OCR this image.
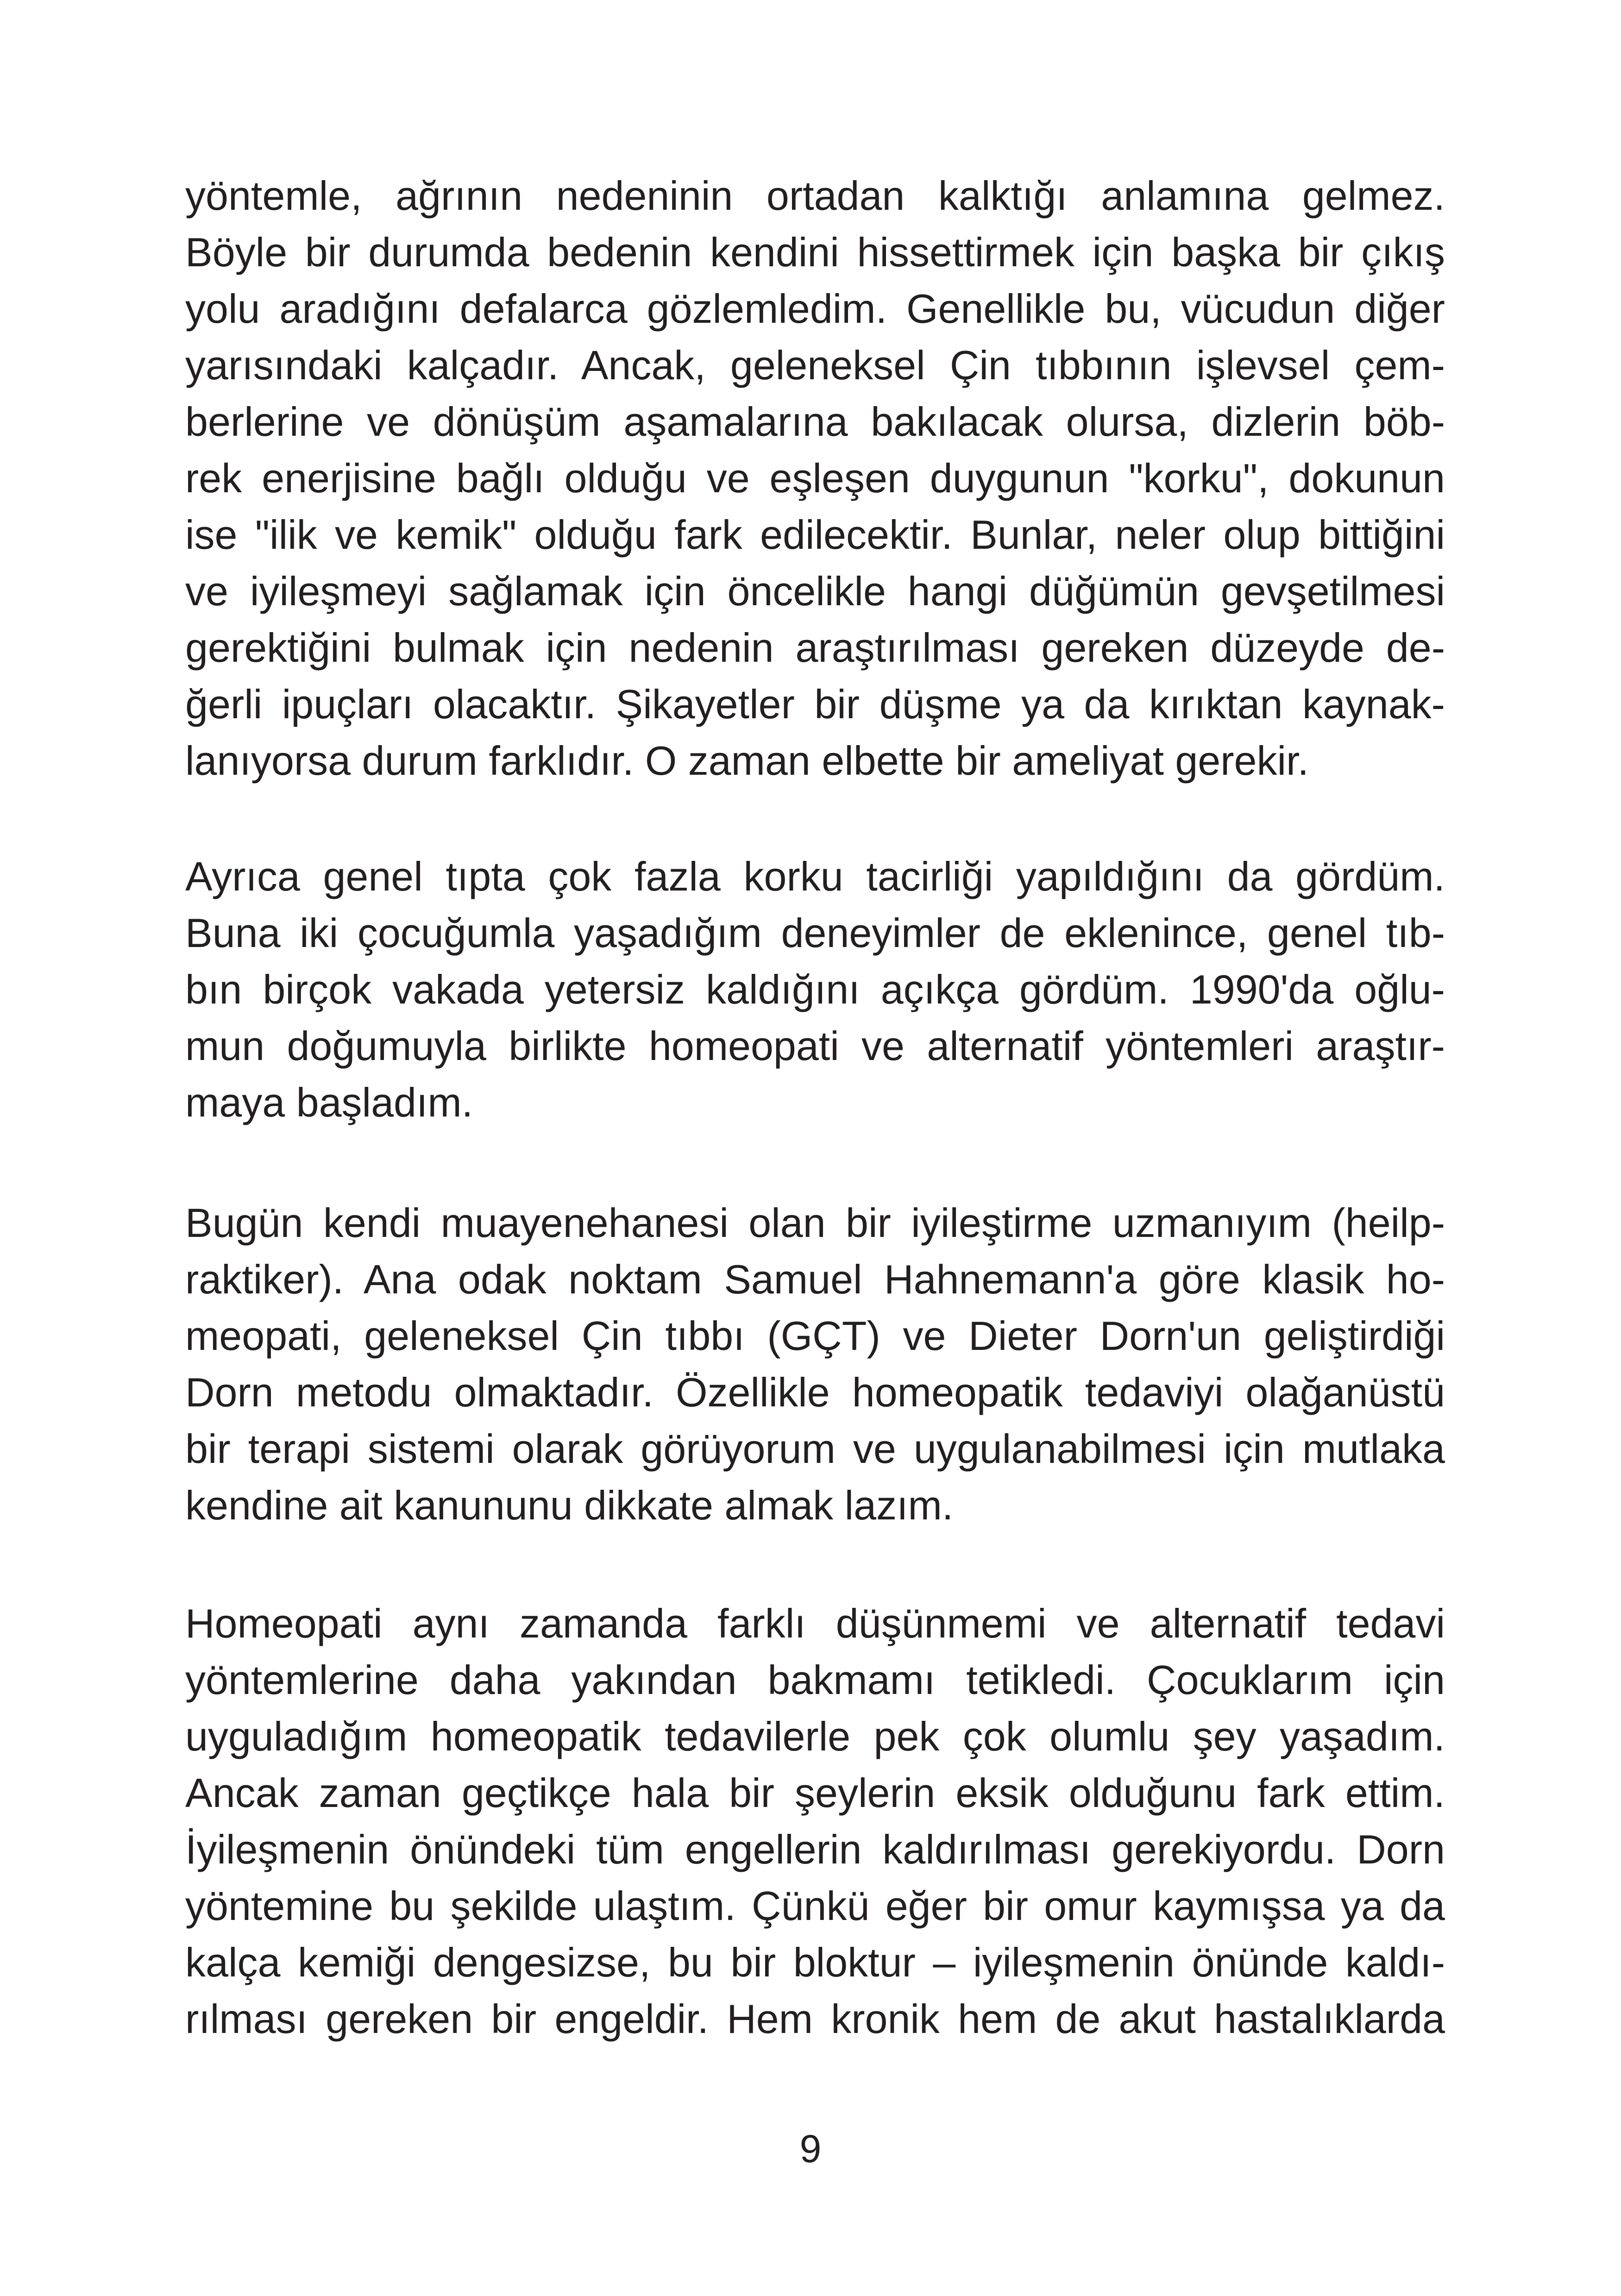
yöntemle, ağrının nedeninin ortadan kalktığı anlamına gelmez.
Böyle bir durumda bedenin kendini hissettirmek için başka bir çıkış
yolu aradığını defalarca gözlemledim. Genellikle bu, vücudun diğer
yarısındaki kalçadır. Ancak, geleneksel Çin tıbbının işlevsel çem-
berlerine ve dönüşüm aşamalarına bakılacak olursa, dizlerin böb-
rek enerjisine bağlı olduğu ve eşleşen duygunun "korku", dokunun
ise "ilik ve kemik" olduğu fark edilecektir. Bunlar, neler olup bittiğini
ve iyileşmeyi sağlamak için öncelikle hangi düğümün gevşetilmesi
gerektiğini bulmak için nedenin araştırılması gereken düzeyde de-
ğerli ipuçları olacaktır. Şikayetler bir düşme ya da kırıktan kaynak-
lanıyorsa durum farklıdır. O zaman elbette bir ameliyat gerekir.
Ayrıca genel tıpta çok fazla korku tacirliği yapıldığını da gördüm.
Buna iki çocuğumla yaşadığım deneyimler de eklenince, genel tıb-
bın birçok vakada yetersiz kaldığını açıkça gördüm. 1990'da oğlu-
mun doğumuyla birlikte homeopati ve alternatif yöntemleri araştır-
maya başladım.
Bugün kendi muayenehanesi olan bir iyileştirme uzmanıyım (heilp-
raktiker). Ana odak noktam Samuel Hahnemann'a göre klasik ho-
meopati, geleneksel Çin tıbbı (GÇT) ve Dieter Dorn'un geliştirdiği
Dorn metodu olmaktadır. Özellikle homeopatik tedaviyi olağanüstü
bir terapi sistemi olarak görüyorum ve uygulanabilmesi için mutlaka
kendine ait kanununu dikkate almak lazım.
Homeopati aynı zamanda farklı düşünmemi ve alternatif tedavi
yöntemlerine daha yakından bakmamı tetikledi. Çocuklarım için
uyguladığım homeopatik tedavilerle pek çok olumlu şey yaşadım.
Ancak zaman geçtikçe hala bir şeylerin eksik olduğunu fark ettim.
İyileşmenin önündeki tüm engellerin kaldırılması gerekiyordu. Dorn
yöntemine bu şekilde ulaştım. Çünkü eğer bir omur kaymışsa ya da
kalça kemiği dengesizse, bu bir bloktur – iyileşmenin önünde kaldı-
rılması gereken bir engeldir. Hem kronik hem de akut hastalıklarda
9
